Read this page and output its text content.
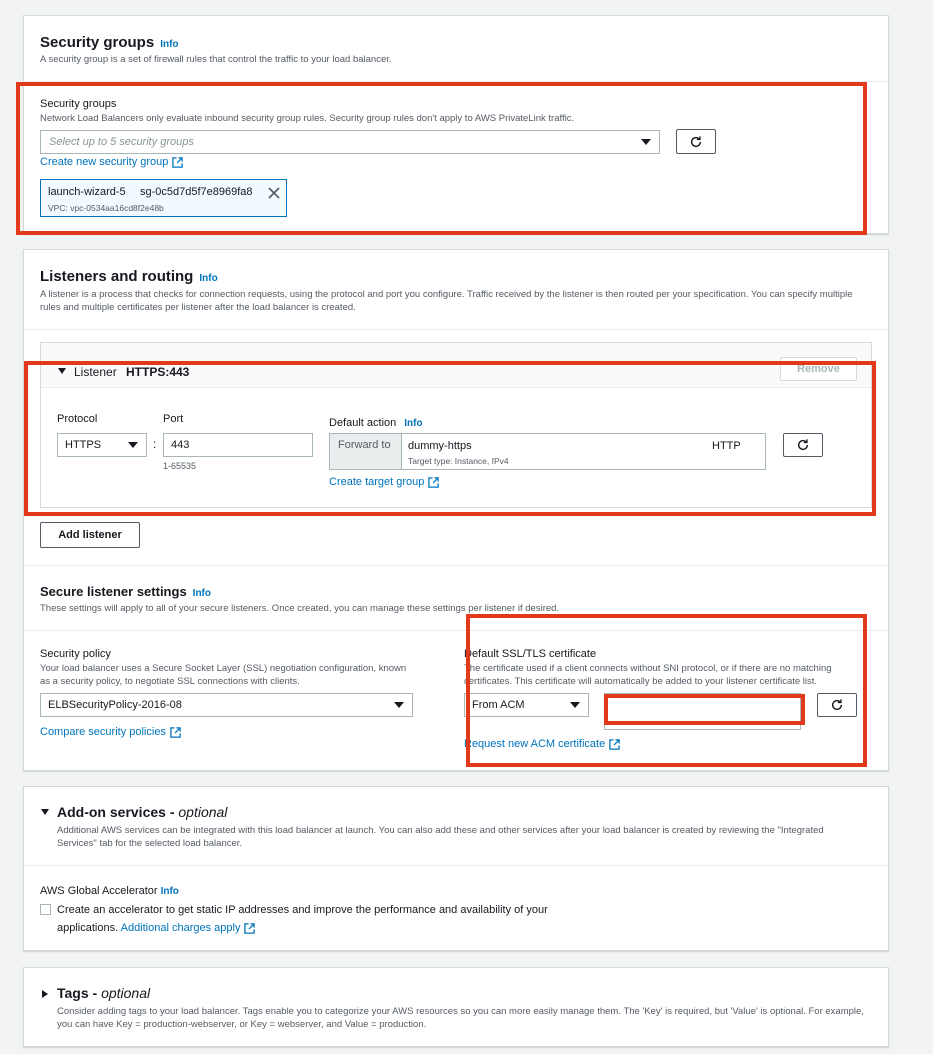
Security groups Info
A security group is a set of firewall rules that control the traffic to your load balancer.
Security groups
Network Load Balancers only evaluate inbound security group rules. Security group rules don't apply to AWS PrivateLink traffic.
Select up to 5 security groups
Create new security group
launch-wizard-5 sg-0c5d7d5f7e8969fa8
VPC: vpc-0534aa16cd8f2e48b
Listeners and routing Info
A listener is a process that checks for connection requests, using the protocol and port you configure. Traffic received by the listener is then routed per your specification. You can specify multiple rules and multiple certificates per listener after the load balancer is created.
Listener HTTPS:443	Remove
Protocol
HTTPS	:
Port
443
1-65535
Default action Info
Forward to dummy-https
Target type: Instance, IPv4
HTTP
Create target group
Add listener
Secure listener settings Info
These settings will apply to all of your secure listeners. Once created, you can manage these settings per listener if desired.
Security policy
Your load balancer uses a Secure Socket Layer (SSL) negotiation configuration, known
as a security policy, to negotiate SSL connections with clients.
ELBSecurityPolicy-2016-08
Compare security policies
Default SSL/TLS certificate
The certificate used if a client connects without SNI protocol, or if there are no matching
certificates. This certificate will automatically be added to your listener certificate list.
From ACM
Request new ACM certificate
Add-on services - optional
Additional AWS services can be integrated with this load balancer at launch. You can also add these and other services after your load balancer is created by reviewing the "Integrated Services" tab for the selected load balancer.
AWS Global Accelerator Info
Create an accelerator to get static IP addresses and improve the performance and availability of your
applications. Additional charges apply
Tags - optional
Consider adding tags to your load balancer. Tags enable you to categorize your AWS resources so you can more easily manage them. The 'Key' is required, but 'Value' is optional. For example, you can have Key = production-webserver, or Key = webserver, and Value = production.
